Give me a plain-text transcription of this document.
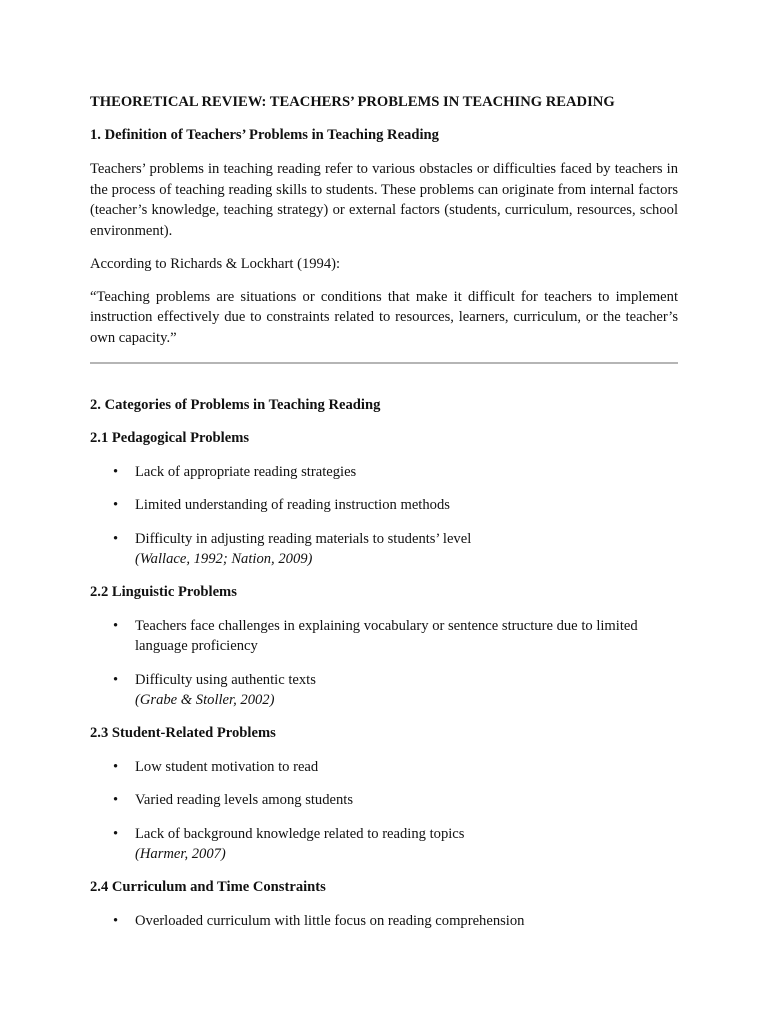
THEORETICAL REVIEW: TEACHERS’ PROBLEMS IN TEACHING READING
1. Definition of Teachers’ Problems in Teaching Reading

Teachers’ problems in teaching reading refer to various obstacles or difficulties faced by teachers in the process of teaching reading skills to students. These problems can originate from internal factors (teacher’s knowledge, teaching strategy) or external factors (students, curriculum, resources, school environment).

According to Richards & Lockhart (1994):

“Teaching problems are situations or conditions that make it difficult for teachers to implement instruction effectively due to constraints related to resources, learners, curriculum, or the teacher’s own capacity.”

2. Categories of Problems in Teaching Reading
2.1 Pedagogical Problems
• Lack of appropriate reading strategies
• Limited understanding of reading instruction methods
• Difficulty in adjusting reading materials to students’ level
(Wallace, 1992; Nation, 2009)
2.2 Linguistic Problems
• Teachers face challenges in explaining vocabulary or sentence structure due to limited language proficiency
• Difficulty using authentic texts
(Grabe & Stoller, 2002)
2.3 Student-Related Problems
• Low student motivation to read
• Varied reading levels among students
• Lack of background knowledge related to reading topics
(Harmer, 2007)
2.4 Curriculum and Time Constraints
• Overloaded curriculum with little focus on reading comprehension
